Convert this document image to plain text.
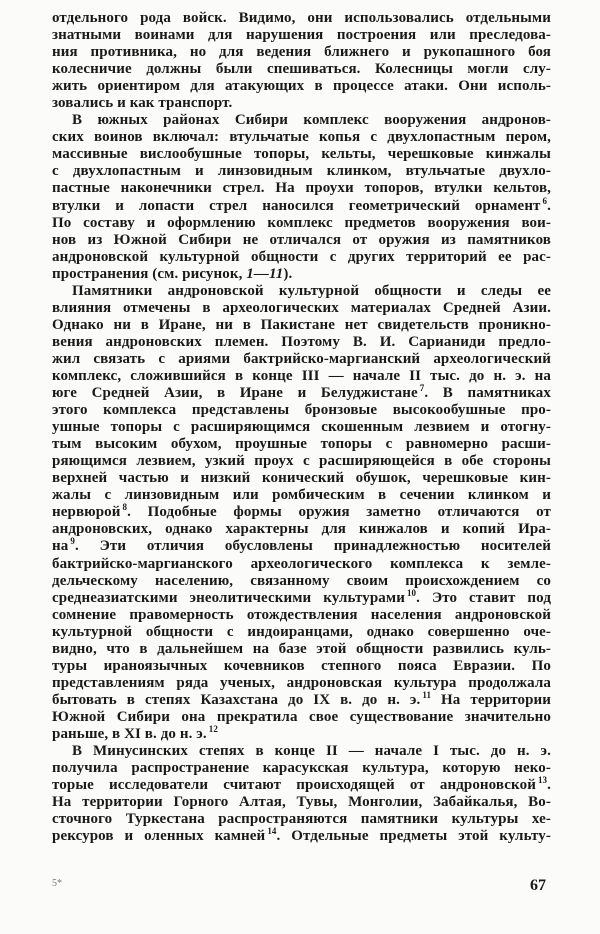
отдельного рода войск. Видимо, они использовались отдельными
знатными воинами для нарушения построения или преследова-
ния противника, но для ведения ближнего и рукопашного боя
колесничие должны были спешиваться. Колесницы могли слу-
жить ориентиром для атакующих в процессе атаки. Они исполь-
зовались и как транспорт.
В южных районах Сибири комплекс вооружения андронов-
ских воинов включал: втульчатые копья с двухлопастным пером,
массивные вислообушные топоры, кельты, черешковые кинжалы
с двухлопастным и линзовидным клинком, втульчатые двухло-
пастные наконечники стрел. На проухи топоров, втулки кельтов,
втулки и лопасти стрел наносился геометрический орнамент $^6$.
По составу и оформлению комплекс предметов вооружения вои-
нов из Южной Сибири не отличался от оружия из памятников
андроновской культурной общности с других территорий ее рас-
пространения (см. рисунок, 1—11).
Памятники андроновской культурной общности и следы ее
влияния отмечены в археологических материалах Средней Азии.
Однако ни в Иране, ни в Пакистане нет свидетельств проникно-
вения андроновских племен. Поэтому В. И. Сарианиди предло-
жил связать с ариями бактрийско-маргианский археологический
комплекс, сложившийся в конце III — начале II тыс. до н. э. на
юге Средней Азии, в Иране и Белуджистане $^7$. В памятниках
этого комплекса представлены бронзовые высокообушные про-
ушные топоры с расширяющимся скошенным лезвием и отогну-
тым высоким обухом, проушные топоры с равномерно расши-
ряющимся лезвием, узкий проух с расширяющейся в обе стороны
верхней частью и низкий конический обушок, черешковые кин-
жалы с линзовидным или ромбическим в сечении клинком и
нервюрой $^8$. Подобные формы оружия заметно отличаются от
андроновских, однако характерны для кинжалов и копий Ира-
на $^9$. Эти отличия обусловлены принадлежностью носителей
бактрийско-маргианского археологического комплекса к земле-
дельческому населению, связанному своим происхождением со
среднеазиатскими энеолитическими культурами $^{10}$. Это ставит под
сомнение правомерность отождествления населения андроновской
культурной общности с индоиранцами, однако совершенно оче-
видно, что в дальнейшем на базе этой общности развились куль-
туры ираноязычных кочевников степного пояса Евразии. По
представлениям ряда ученых, андроновская культура продолжала
бытовать в степях Казахстана до IX в. до н. э. $^{11}$ На территории
Южной Сибири она прекратила свое существование значительно
раньше, в XI в. до н. э. $^{12}$
В Минусинских степях в конце II — начале I тыс. до н. э.
получила распространение карасукская культура, которую неко-
торые исследователи считают происходящей от андроновской $^{13}$.
На территории Горного Алтая, Тувы, Монголии, Забайкалья, Во-
сточного Туркестана распространяются памятники культуры хе-
рексуров и оленных камней $^{14}$. Отдельные предметы этой культу-
5*	67
